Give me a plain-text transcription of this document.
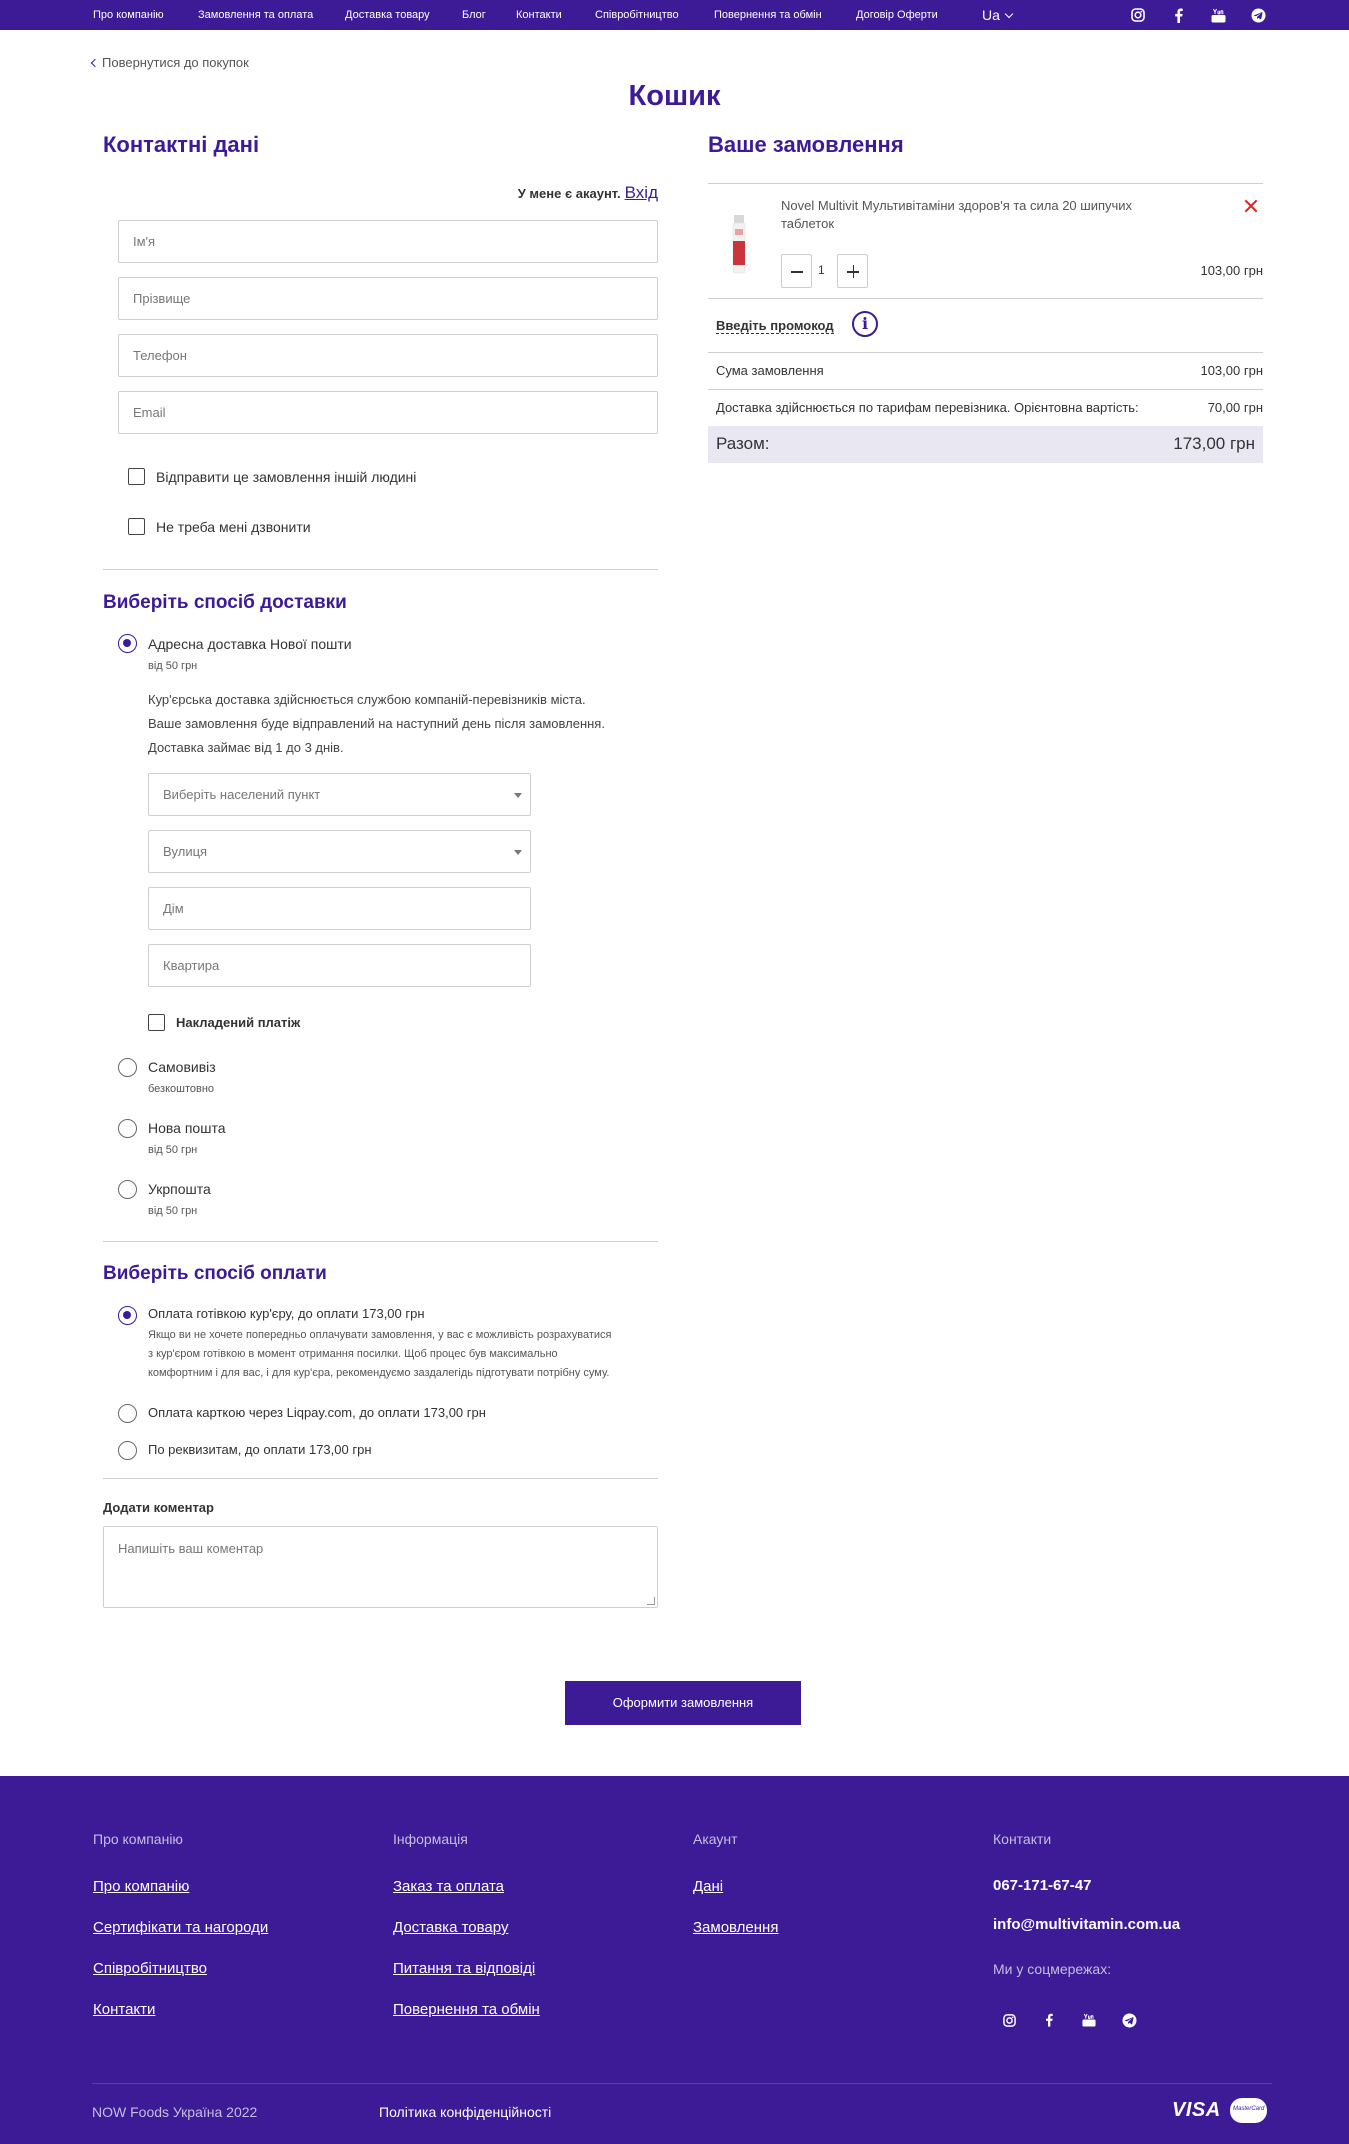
Про компанію	Замовлення та оплата	Доставка товару	Блог	Контакти	Співробітництво	Повернення та обмін	Договір Оферти	Ua
Повернутися до покупок
Кошик
Контактні дані
У мене є акаунт. Вхід
Ім'я
Прізвище
Телефон
Email
Відправити це замовлення іншій людині
Не треба мені дзвонити
Виберіть спосіб доставки
Адресна доставка Нової пошти
від 50 грн
Кур'єрська доставка здійснюється службою компаній-перевізників міста.
Ваше замовлення буде відправлений на наступний день після замовлення.
Доставка займає від 1 до 3 днів.
Виберіть населений пункт
Вулиця
Дім
Квартира
Накладений платіж
Самовивіз
безкоштовно
Нова пошта
від 50 грн
Укрпошта
від 50 грн
Виберіть спосіб оплати
Оплата готівкою кур'єру, до оплати 173,00 грн
Якщо ви не хочете попередньо оплачувати замовлення, у вас є можливість розрахуватися
з кур'єром готівкою в момент отримання посилки. Щоб процес був максимально
комфортним і для вас, і для кур'єра, рекомендуємо заздалегідь підготувати потрібну суму.
Оплата карткою через Liqpay.com, до оплати 173,00 грн
По реквизитам, до оплати 173,00 грн
Додати коментар
Напишіть ваш коментар
Оформити замовлення
Ваше замовлення
Novel Multivit Мультивітаміни здоров'я та сила 20 шипучих таблеток
1	103,00 грн
Введіть промокод	i
Сума замовлення	103,00 грн
Доставка здійснюється по тарифам перевізника. Орієнтовна вартість:	70,00 грн
Разом:	173,00 грн
Про компанію
Про компанію
Сертифікати та нагороди
Співробітництво
Контакти
Інформація
Заказ та оплата
Доставка товару
Питання та відповіді
Повернення та обмін
Акаунт
Дані
Замовлення
Контакти
067-171-67-47
info@multivitamin.com.ua
Ми у соцмережах:
NOW Foods Україна 2022	Політика конфіденційності	VISA MasterCard
